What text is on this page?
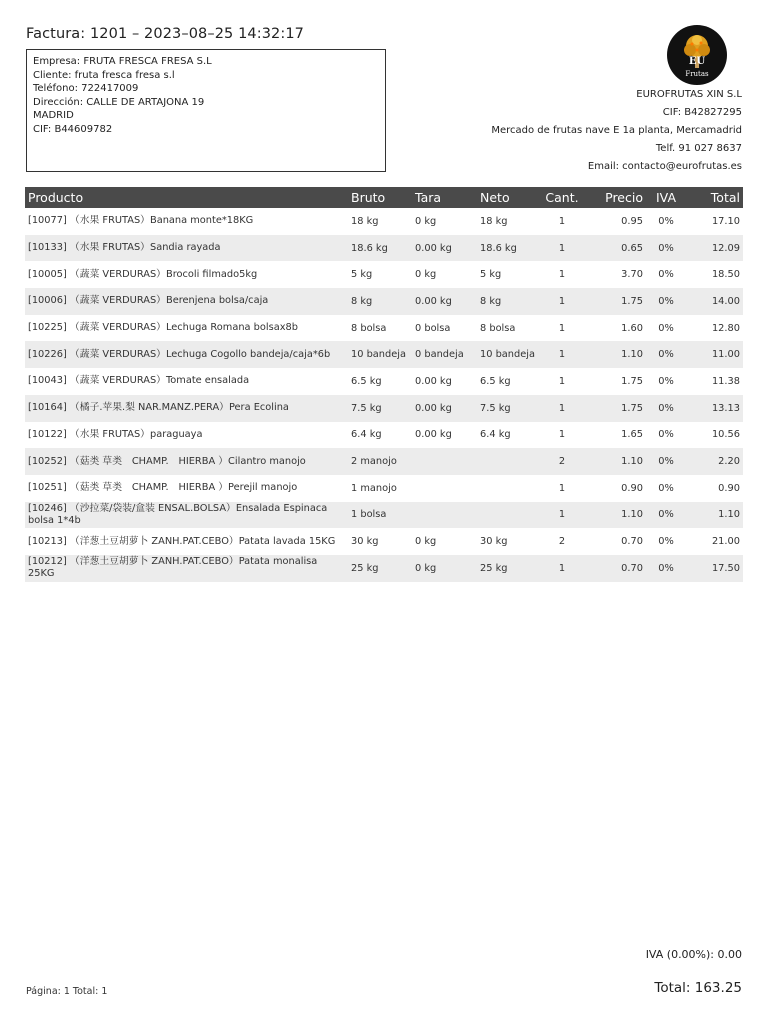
Factura: 1201 – 2023–08–25 14:32:17
Empresa: FRUTA FRESCA FRESA S.L
Cliente: fruta fresca fresa s.l
Teléfono: 722417009
Dirección: CALLE DE ARTAJONA 19
MADRID
CIF: B44609782
EU
Frutas
EUROFRUTAS XIN S.L
CIF: B42827295
Mercado de frutas nave E 1a planta, Mercamadrid
Telf. 91 027 8637
Email: contacto@eurofrutas.es
Producto	Bruto	Tara	Neto	Cant.	Precio	IVA	Total
[10077] （水果 FRUTAS）Banana monte*18KG	18 kg	0 kg	18 kg	1	0.95	0%	17.10
[10133] （水果 FRUTAS）Sandia rayada	18.6 kg	0.00 kg	18.6 kg	1	0.65	0%	12.09
[10005] （蔬菜 VERDURAS）Brocoli filmado5kg	5 kg	0 kg	5 kg	1	3.70	0%	18.50
[10006] （蔬菜 VERDURAS）Berenjena bolsa/caja	8 kg	0.00 kg	8 kg	1	1.75	0%	14.00
[10225] （蔬菜 VERDURAS）Lechuga Romana bolsax8b	8 bolsa	0 bolsa	8 bolsa	1	1.60	0%	12.80
[10226] （蔬菜 VERDURAS）Lechuga Cogollo bandeja/caja*6b	10 bandeja	0 bandeja	10 bandeja	1	1.10	0%	11.00
[10043] （蔬菜 VERDURAS）Tomate ensalada	6.5 kg	0.00 kg	6.5 kg	1	1.75	0%	11.38
[10164] （橘子.苹果.梨 NAR.MANZ.PERA）Pera Ecolina	7.5 kg	0.00 kg	7.5 kg	1	1.75	0%	13.13
[10122] （水果 FRUTAS）paraguaya	6.4 kg	0.00 kg	6.4 kg	1	1.65	0%	10.56
[10252] （菇类 草类　CHAMP.　HIERBA ）Cilantro manojo	2 manojo			2	1.10	0%	2.20
[10251] （菇类 草类　CHAMP.　HIERBA ）Perejil manojo	1 manojo			1	0.90	0%	0.90
[10246] （沙拉菜/袋装/盒装 ENSAL.BOLSA）Ensalada Espinaca bolsa 1*4b	1 bolsa			1	1.10	0%	1.10
[10213] （洋葱土豆胡萝卜 ZANH.PAT.CEBO）Patata lavada 15KG	30 kg	0 kg	30 kg	2	0.70	0%	21.00
[10212] （洋葱土豆胡萝卜 ZANH.PAT.CEBO）Patata monalisa 25KG	25 kg	0 kg	25 kg	1	0.70	0%	17.50
IVA (0.00%): 0.00
Total: 163.25
Página: 1 Total: 1
